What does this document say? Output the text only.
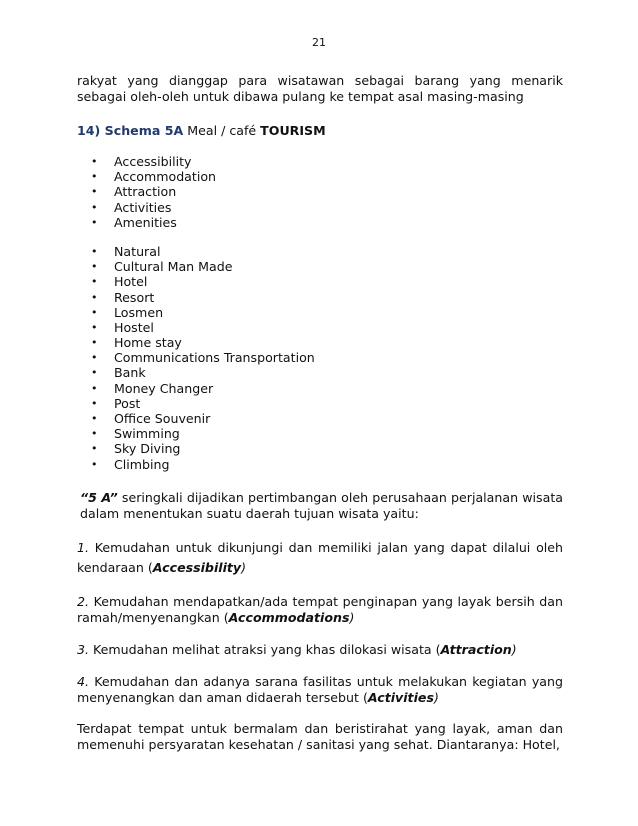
21

rakyat yang dianggap para wisatawan sebagai barang yang menarik sebagai oleh-oleh untuk dibawa pulang ke tempat asal masing-masing

14) Schema 5A Meal / café TOURISM

• Accessibility
• Accommodation
• Attraction
• Activities
• Amenities
• Natural
• Cultural Man Made
• Hotel
• Resort
• Losmen
• Hostel
• Home stay
• Communications Transportation
• Bank
• Money Changer
• Post
• Office Souvenir
• Swimming
• Sky Diving
• Climbing

“5 A” seringkali dijadikan pertimbangan oleh perusahaan perjalanan wisata dalam menentukan suatu daerah tujuan wisata yaitu:

1. Kemudahan untuk dikunjungi dan memiliki jalan yang dapat dilalui oleh kendaraan (Accessibility)

2. Kemudahan mendapatkan/ada tempat penginapan yang layak bersih dan ramah/menyenangkan (Accommodations)

3. Kemudahan melihat atraksi yang khas dilokasi wisata (Attraction)

4. Kemudahan dan adanya sarana fasilitas untuk melakukan kegiatan yang menyenangkan dan aman didaerah tersebut (Activities)

Terdapat tempat untuk bermalam dan beristirahat yang layak, aman dan memenuhi persyaratan kesehatan / sanitasi yang sehat. Diantaranya: Hotel,
